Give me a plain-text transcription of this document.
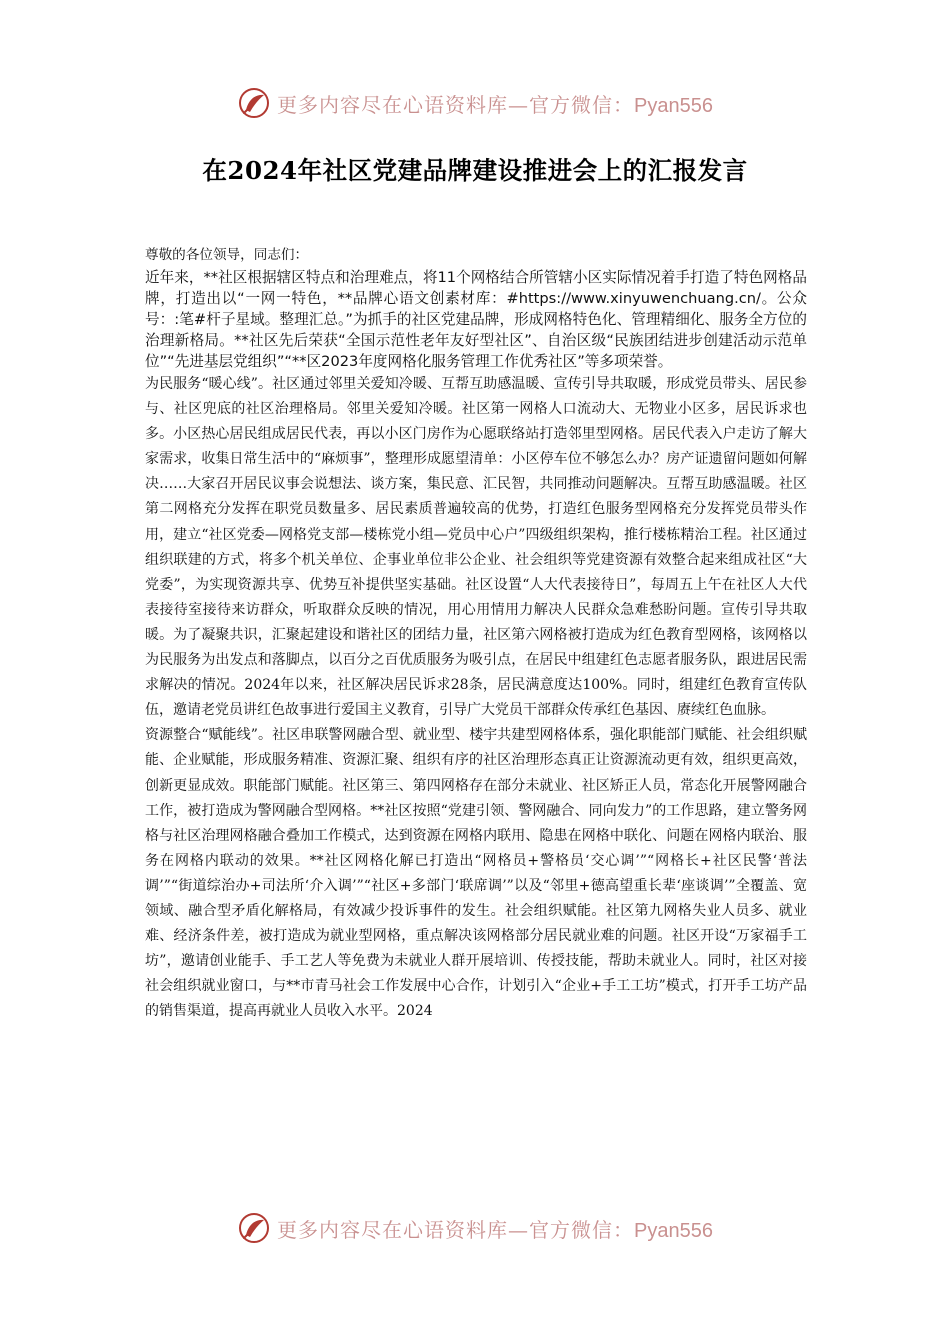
更多内容尽在心语资料库—官方微信：Pyan556
在2024年社区党建品牌建设推进会上的汇报发言

尊敬的各位领导，同志们：

近年来，**社区根据辖区特点和治理难点，将11个网格结合所管辖小区实际情况着手打造了特色网格品牌，打造出以“一网一特色，**品牌心语文创素材库：#https://www.xinyuwenchuang.cn/。公众号：:笔#杆子星域。整理汇总。”为抓手的社区党建品牌，形成网格特色化、管理精细化、服务全方位的治理新格局。**社区先后荣获“全国示范性老年友好型社区”、自治区级“民族团结进步创建活动示范单位”“先进基层党组织”“**区2023年度网格化服务管理工作优秀社区”等多项荣誉。

为民服务“暖心线”。社区通过邻里关爱知冷暖、互帮互助感温暖、宣传引导共取暖，形成党员带头、居民参与、社区兜底的社区治理格局。邻里关爱知冷暖。社区第一网格人口流动大、无物业小区多，居民诉求也多。小区热心居民组成居民代表，再以小区门房作为心愿联络站打造邻里型网格。居民代表入户走访了解大家需求，收集日常生活中的“麻烦事”，整理形成愿望清单：小区停车位不够怎么办？房产证遗留问题如何解决……大家召开居民议事会说想法、谈方案，集民意、汇民智，共同推动问题解决。互帮互助感温暖。社区第二网格充分发挥在职党员数量多、居民素质普遍较高的优势，打造红色服务型网格充分发挥党员带头作用，建立“社区党委—网格党支部—楼栋党小组—党员中心户”四级组织架构，推行楼栋精治工程。社区通过组织联建的方式，将多个机关单位、企事业单位非公企业、社会组织等党建资源有效整合起来组成社区“大党委”，为实现资源共享、优势互补提供坚实基础。社区设置“人大代表接待日”，每周五上午在社区人大代表接待室接待来访群众，听取群众反映的情况，用心用情用力解决人民群众急难愁盼问题。宣传引导共取暖。为了凝聚共识，汇聚起建设和谐社区的团结力量，社区第六网格被打造成为红色教育型网格，该网格以为民服务为出发点和落脚点，以百分之百优质服务为吸引点，在居民中组建红色志愿者服务队，跟进居民需求解决的情况。2024年以来，社区解决居民诉求28条，居民满意度达100%。同时，组建红色教育宣传队伍，邀请老党员讲红色故事进行爱国主义教育，引导广大党员干部群众传承红色基因、赓续红色血脉。

资源整合“赋能线”。社区串联警网融合型、就业型、楼宇共建型网格体系，强化职能部门赋能、社会组织赋能、企业赋能，形成服务精准、资源汇聚、组织有序的社区治理形态真正让资源流动更有效，组织更高效，创新更显成效。职能部门赋能。社区第三、第四网格存在部分未就业、社区矫正人员，常态化开展警网融合工作，被打造成为警网融合型网格。**社区按照“党建引领、警网融合、同向发力”的工作思路，建立警务网格与社区治理网格融合叠加工作模式，达到资源在网格内联用、隐患在网格中联化、问题在网格内联治、服务在网格内联动的效果。**社区网格化解已打造出“网格员+警格员‘交心调’”“网格长+社区民警‘普法调’”“街道综治办+司法所‘介入调’”“社区+多部门‘联席调’”以及“邻里+德高望重长辈‘座谈调’”全覆盖、宽领域、融合型矛盾化解格局，有效减少投诉事件的发生。社会组织赋能。社区第九网格失业人员多、就业难、经济条件差，被打造成为就业型网格，重点解决该网格部分居民就业难的问题。社区开设“万家福手工坊”，邀请创业能手、手工艺人等免费为未就业人群开展培训、传授技能，帮助未就业人。同时，社区对接社会组织就业窗口，与**市青马社会工作发展中心合作，计划引入“企业+手工工坊”模式，打开手工坊产品的销售渠道，提高再就业人员收入水平。2024

更多内容尽在心语资料库—官方微信：Pyan556
